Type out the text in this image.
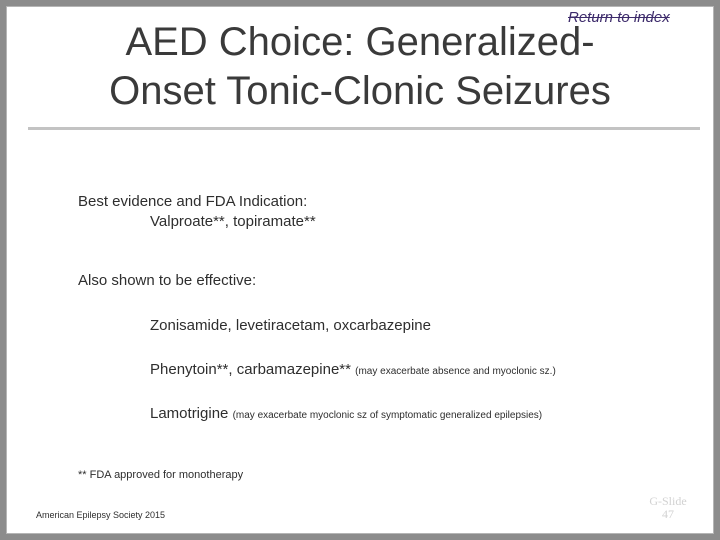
Return to index
AED Choice: Generalized-
Onset Tonic-Clonic Seizures
Best evidence and FDA Indication:
Valproate**, topiramate**
Also shown to be effective:
Zonisamide, levetiracetam, oxcarbazepine
Phenytoin**, carbamazepine** (may exacerbate absence and myoclonic sz.)
Lamotrigine (may exacerbate myoclonic sz of symptomatic generalized epilepsies)
** FDA approved for monotherapy
American Epilepsy Society 2015
G-Slide
47
